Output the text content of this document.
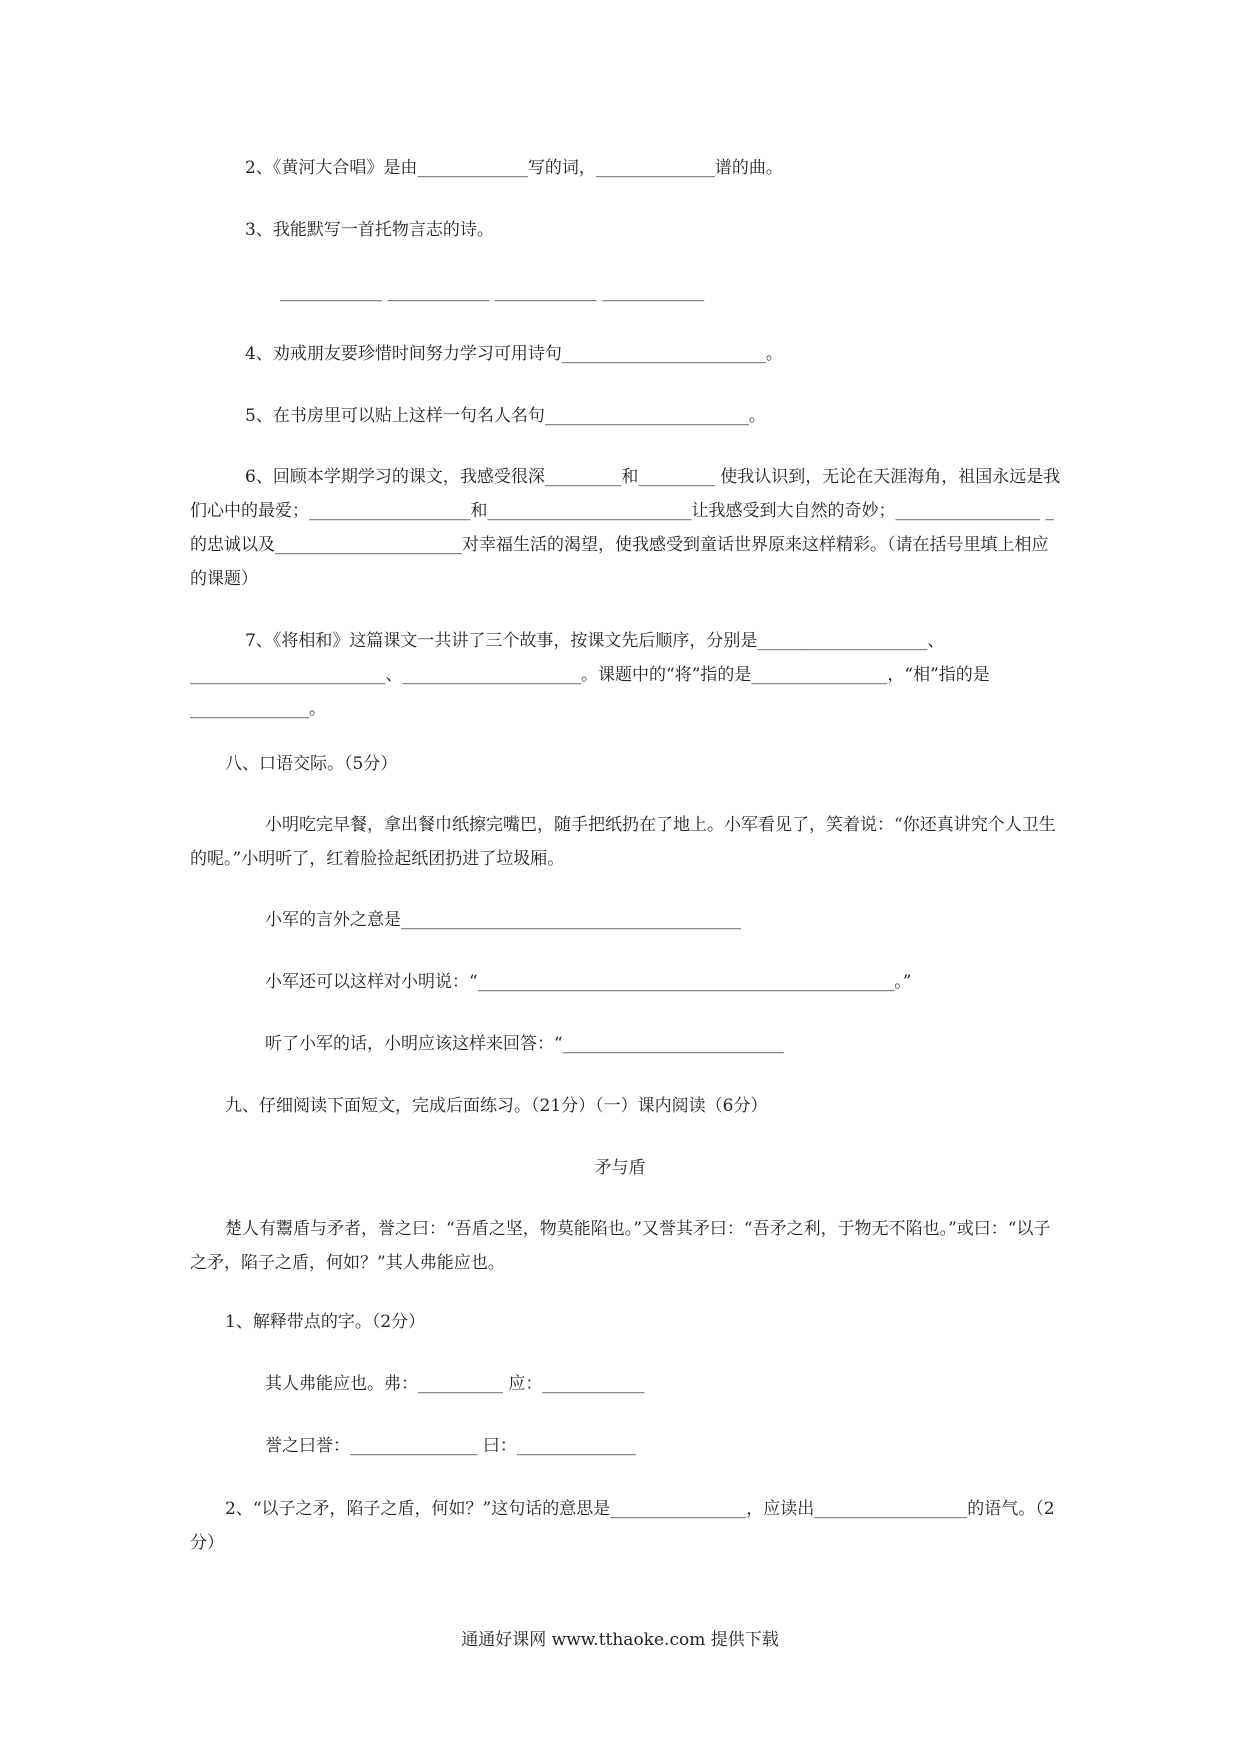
2、《黄河大合唱》是由_____________写的词，______________谱的曲。
3、我能默写一首托物言志的诗。
____________ ____________ ____________ ____________
4、劝戒朋友要珍惜时间努力学习可用诗句________________________。
5、在书房里可以贴上这样一句名人名句________________________。
6、回顾本学期学习的课文，我感受很深_________和_________ 使我认识到，无论在天涯海角，祖国永远是我们心中的最爱；___________________和________________________让我感受到大自然的奇妙；_________________ _的忠诚以及______________________对幸福生活的渴望，使我感受到童话世界原来这样精彩。（请在括号里填上相应的课题）
7、《将相和》这篇课文一共讲了三个故事，按课文先后顺序，分别是____________________、_______________________、_____________________。课题中的“将”指的是________________，“相”指的是______________。
八、口语交际。（5分）
小明吃完早餐，拿出餐巾纸擦完嘴巴，随手把纸扔在了地上。小军看见了，笑着说：“你还真讲究个人卫生的呢。”小明听了，红着脸捡起纸团扔进了垃圾厢。
小军的言外之意是________________________________________
小军还可以这样对小明说：“_________________________________________________。”
听了小军的话，小明应该这样来回答：“__________________________
九、仔细阅读下面短文，完成后面练习。（21分）（一）课内阅读（6分）
矛与盾
楚人有鬻盾与矛者，誉之曰：“吾盾之坚，物莫能陷也。”又誉其矛曰：“吾矛之利，于物无不陷也。”或曰：“以子之矛，陷子之盾，何如？”其人弗能应也。
1、解释带点的字。（2分）
其人弗能应也。弗：__________ 应：____________
誉之曰誉：_______________ 曰：______________
2、“以子之矛，陷子之盾，何如？”这句话的意思是________________，应读出__________________的语气。（2分）
通通好课网 www.tthaoke.com 提供下载
